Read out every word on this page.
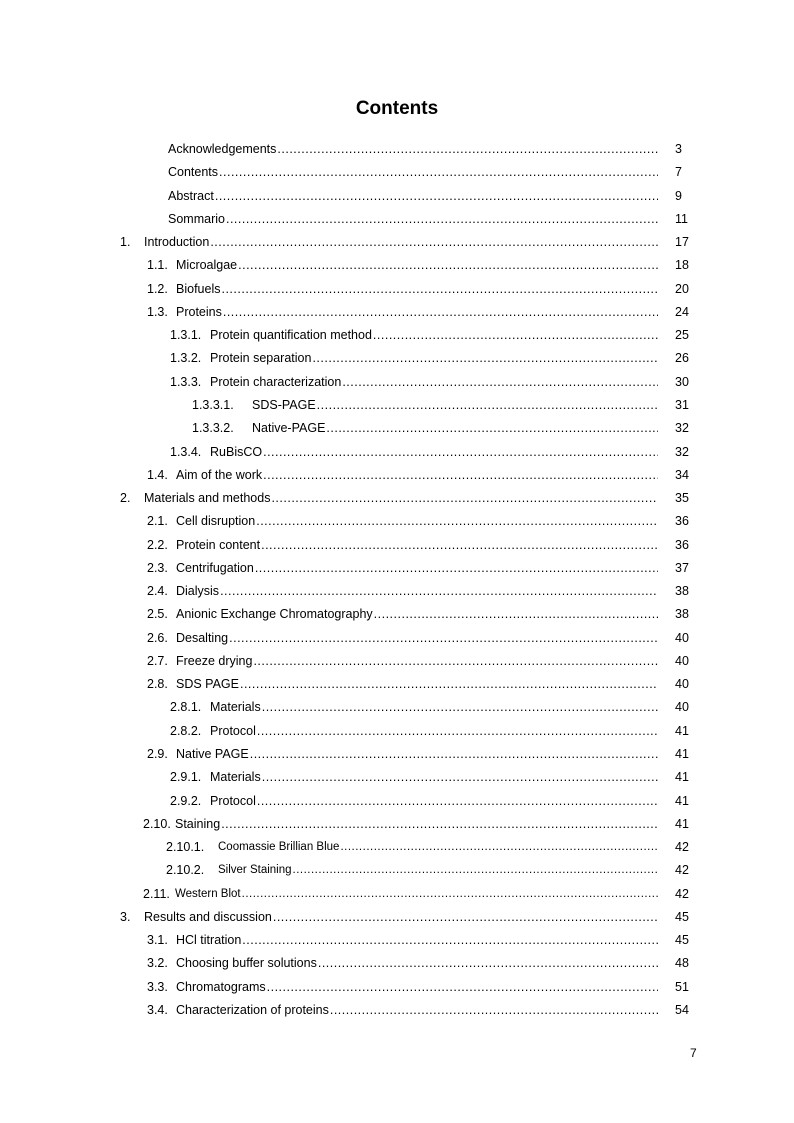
Contents
Acknowledgements .....	3
Contents .....	7
Abstract .....	9
Sommario .....	11
1. Introduction .....	17
1.1. Microalgae .....	18
1.2. Biofuels .....	20
1.3. Proteins .....	24
1.3.1. Protein quantification method .....	25
1.3.2. Protein separation .....	26
1.3.3. Protein characterization .....	30
1.3.3.1. SDS-PAGE .....	31
1.3.3.2. Native-PAGE .....	32
1.3.4. RuBisCO .....	32
1.4. Aim of the work .....	34
2. Materials and methods .....	35
2.1. Cell disruption .....	36
2.2. Protein content .....	36
2.3. Centrifugation .....	37
2.4. Dialysis .....	38
2.5. Anionic Exchange Chromatography .....	38
2.6. Desalting .....	40
2.7. Freeze drying .....	40
2.8. SDS PAGE .....	40
2.8.1. Materials .....	40
2.8.2. Protocol .....	41
2.9. Native PAGE .....	41
2.9.1. Materials .....	41
2.9.2. Protocol .....	41
2.10. Staining .....	41
2.10.1. Coomassie Brillian Blue .....	42
2.10.2. Silver Staining .....	42
2.11. Western Blot .....	42
3. Results and discussion .....	45
3.1. HCl titration .....	45
3.2. Choosing buffer solutions .....	48
3.3. Chromatograms .....	51
3.4. Characterization of proteins .....	54
7
